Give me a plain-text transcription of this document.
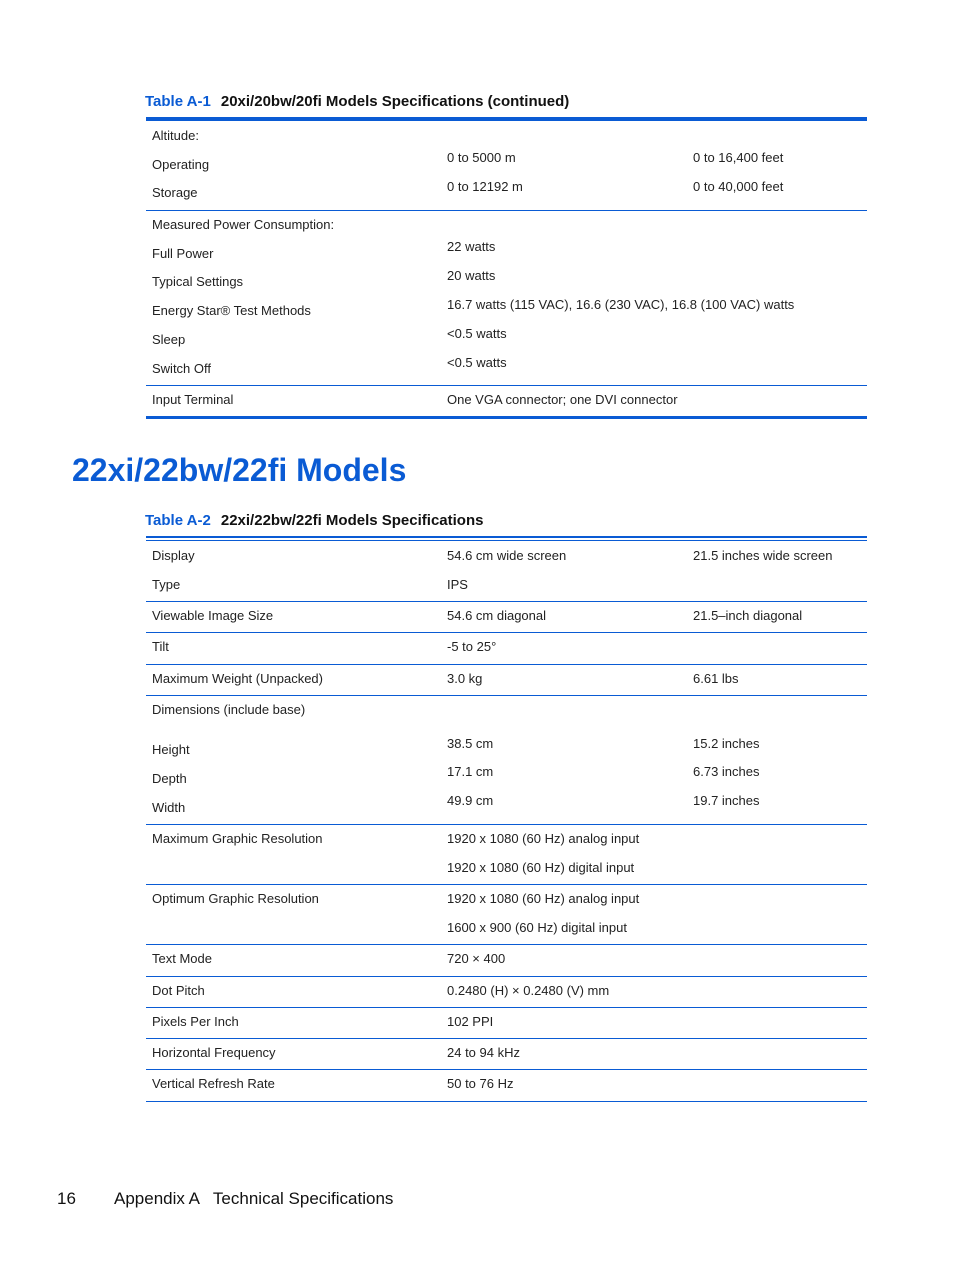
Table A-1 20xi/20bw/20fi Models Specifications (continued)
Altitude:
Operating	0 to 5000 m	0 to 16,400 feet
Storage	0 to 12192 m	0 to 40,000 feet
Measured Power Consumption:
Full Power	22 watts
Typical Settings	20 watts
Energy Star® Test Methods	16.7 watts (115 VAC), 16.6 (230 VAC), 16.8 (100 VAC) watts
Sleep	<0.5 watts
Switch Off	<0.5 watts
Input Terminal	One VGA connector; one DVI connector
22xi/22bw/22fi Models
Table A-2 22xi/22bw/22fi Models Specifications
Display	54.6 cm wide screen	21.5 inches wide screen
Type	IPS
Viewable Image Size	54.6 cm diagonal	21.5–inch diagonal
Tilt	-5 to 25°
Maximum Weight (Unpacked)	3.0 kg	6.61 lbs
Dimensions (include base)
Height	38.5 cm	15.2 inches
Depth	17.1 cm	6.73 inches
Width	49.9 cm	19.7 inches
Maximum Graphic Resolution	1920 x 1080 (60 Hz) analog input
1920 x 1080 (60 Hz) digital input
Optimum Graphic Resolution	1920 x 1080 (60 Hz) analog input
1600 x 900 (60 Hz) digital input
Text Mode	720 × 400
Dot Pitch	0.2480 (H) × 0.2480 (V) mm
Pixels Per Inch	102 PPI
Horizontal Frequency	24 to 94 kHz
Vertical Refresh Rate	50 to 76 Hz
16 Appendix A   Technical Specifications
